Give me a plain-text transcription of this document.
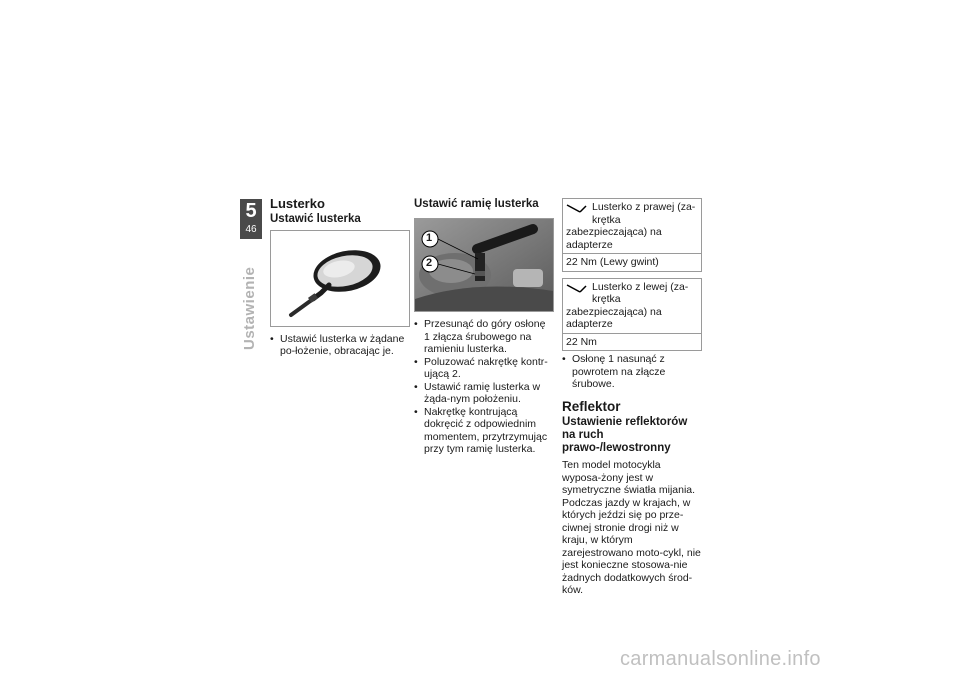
5
46
Ustawienie
Lusterko
Ustawić lusterka
• Ustawić lusterka w żądane po-łożenie, obracając je.
Ustawić ramię lusterka
1
2
• Przesunąć do góry osłonę 1 złącza śrubowego na ramieniu lusterka.
• Poluzować nakrętkę kontr-ującą 2.
• Ustawić ramię lusterka w żąda-nym położeniu.
• Nakrętkę kontrującą dokręcić z odpowiednim momentem, przytrzymując przy tym ramię lusterka.
Lusterko z prawej (za-krętka zabezpieczająca) na adapterze
22 Nm (Lewy gwint)
Lusterko z lewej (za-krętka zabezpieczająca) na adapterze
22 Nm
• Osłonę 1 nasunąć z powrotem na złącze śrubowe.
Reflektor
Ustawienie reflektorów na ruch prawo-/lewostronny

Ten model motocykla wyposa-żony jest w symetryczne światła mijania. Podczas jazdy w krajach, w których jeździ się po prze-ciwnej stronie drogi niż w kraju, w którym zarejestrowano moto-cykl, nie jest konieczne stosowa-nie żadnych dodatkowych środ-ków.

carmanualsonline.info
